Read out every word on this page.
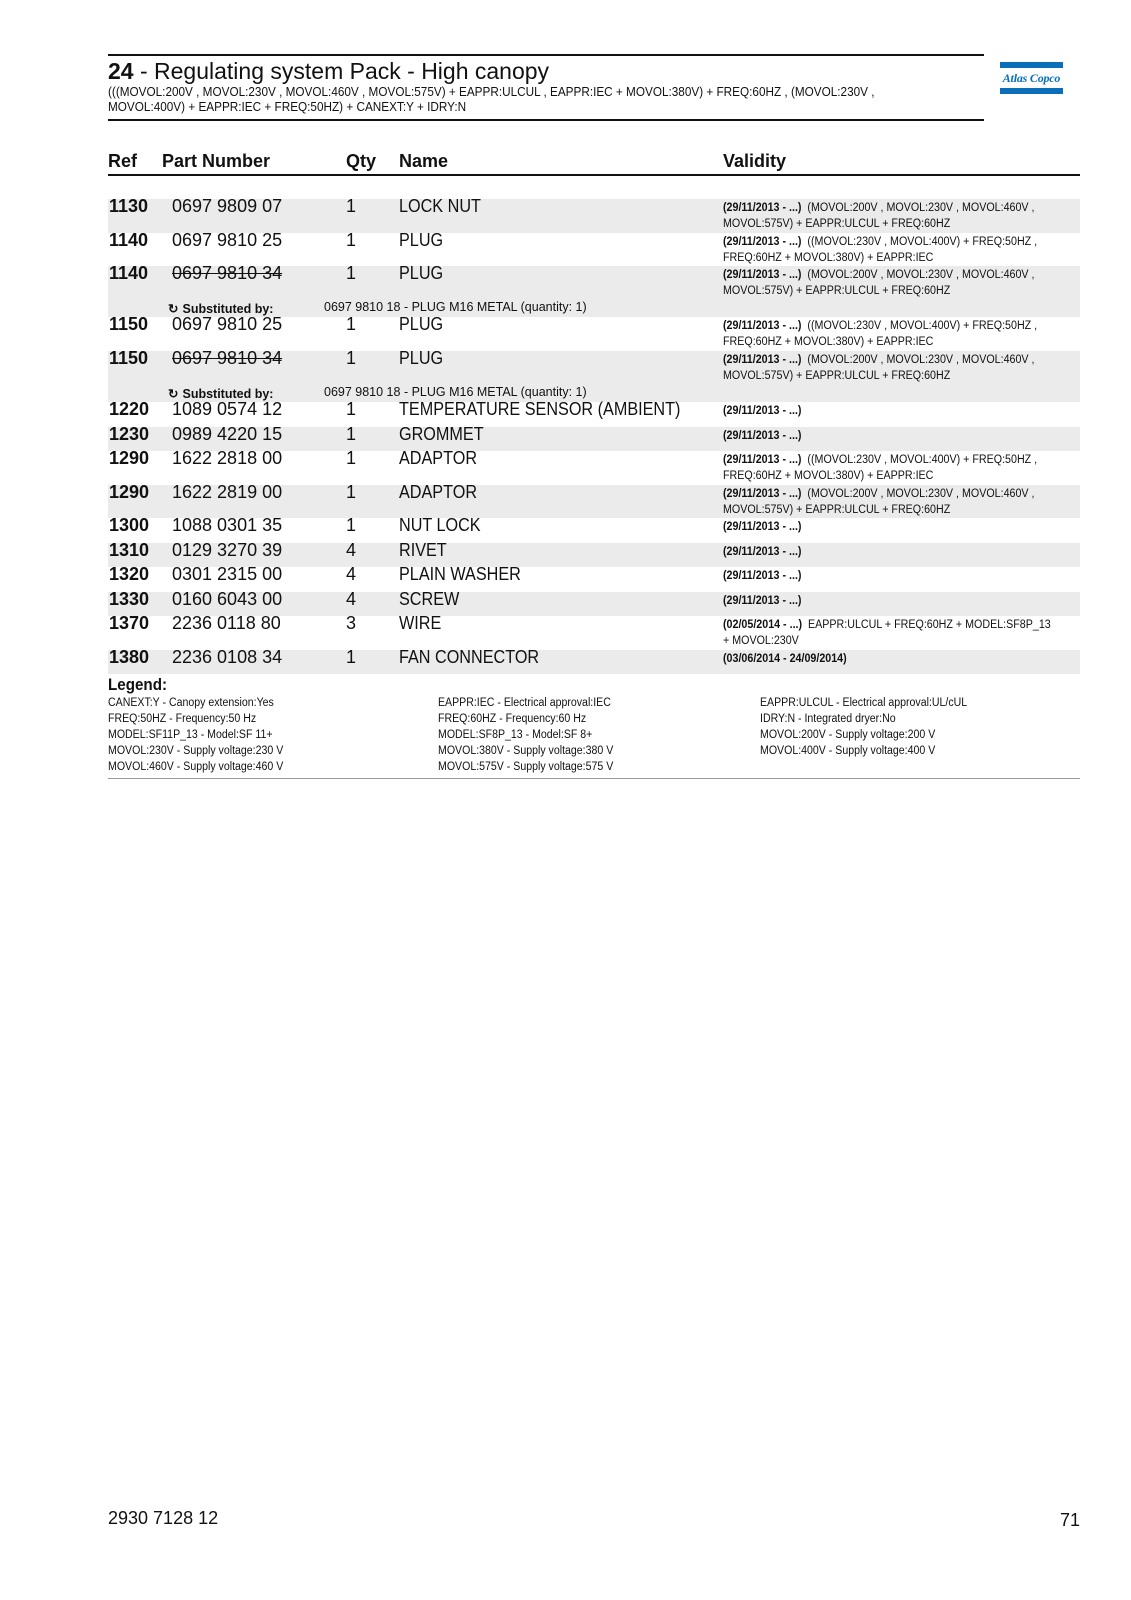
24 - Regulating system Pack - High canopy
(((MOVOL:200V , MOVOL:230V , MOVOL:460V , MOVOL:575V) + EAPPR:ULCUL , EAPPR:IEC + MOVOL:380V) + FREQ:60HZ , (MOVOL:230V ,
MOVOL:400V) + EAPPR:IEC + FREQ:50HZ) + CANEXT:Y + IDRY:N
Atlas Copco
Ref Part Number	Qty Name	Validity
1130 0697 9809 07	1 LOCK NUT	(29/11/2013 - ...) (MOVOL:200V , MOVOL:230V , MOVOL:460V , MOVOL:575V) + EAPPR:ULCUL + FREQ:60HZ
1140 0697 9810 25	1 PLUG	(29/11/2013 - ...) ((MOVOL:230V , MOVOL:400V) + FREQ:50HZ , FREQ:60HZ + MOVOL:380V) + EAPPR:IEC
1140 0697 9810 34	1 PLUG	(29/11/2013 - ...) (MOVOL:200V , MOVOL:230V , MOVOL:460V , MOVOL:575V) + EAPPR:ULCUL + FREQ:60HZ
↻ Substituted by:	0697 9810 18 - PLUG M16 METAL (quantity: 1)
1150 0697 9810 25	1 PLUG	(29/11/2013 - ...) ((MOVOL:230V , MOVOL:400V) + FREQ:50HZ , FREQ:60HZ + MOVOL:380V) + EAPPR:IEC
1150 0697 9810 34	1 PLUG	(29/11/2013 - ...) (MOVOL:200V , MOVOL:230V , MOVOL:460V , MOVOL:575V) + EAPPR:ULCUL + FREQ:60HZ
↻ Substituted by:	0697 9810 18 - PLUG M16 METAL (quantity: 1)
1220 1089 0574 12	1 TEMPERATURE SENSOR (AMBIENT)	(29/11/2013 - ...)
1230 0989 4220 15	1 GROMMET	(29/11/2013 - ...)
1290 1622 2818 00	1 ADAPTOR	(29/11/2013 - ...) ((MOVOL:230V , MOVOL:400V) + FREQ:50HZ , FREQ:60HZ + MOVOL:380V) + EAPPR:IEC
1290 1622 2819 00	1 ADAPTOR	(29/11/2013 - ...) (MOVOL:200V , MOVOL:230V , MOVOL:460V , MOVOL:575V) + EAPPR:ULCUL + FREQ:60HZ
1300 1088 0301 35	1 NUT LOCK	(29/11/2013 - ...)
1310 0129 3270 39	4 RIVET	(29/11/2013 - ...)
1320 0301 2315 00	4 PLAIN WASHER	(29/11/2013 - ...)
1330 0160 6043 00	4 SCREW	(29/11/2013 - ...)
1370 2236 0118 80	3 WIRE	(02/05/2014 - ...) EAPPR:ULCUL + FREQ:60HZ + MODEL:SF8P_13 + MOVOL:230V
1380 2236 0108 34	1 FAN CONNECTOR	(03/06/2014 - 24/09/2014)
Legend:
CANEXT:Y - Canopy extension:Yes
FREQ:50HZ - Frequency:50 Hz
MODEL:SF11P_13 - Model:SF 11+
MOVOL:230V - Supply voltage:230 V
MOVOL:460V - Supply voltage:460 V
EAPPR:IEC - Electrical approval:IEC
FREQ:60HZ - Frequency:60 Hz
MODEL:SF8P_13 - Model:SF 8+
MOVOL:380V - Supply voltage:380 V
MOVOL:575V - Supply voltage:575 V
EAPPR:ULCUL - Electrical approval:UL/cUL
IDRY:N - Integrated dryer:No
MOVOL:200V - Supply voltage:200 V
MOVOL:400V - Supply voltage:400 V
2930 7128 12	71
